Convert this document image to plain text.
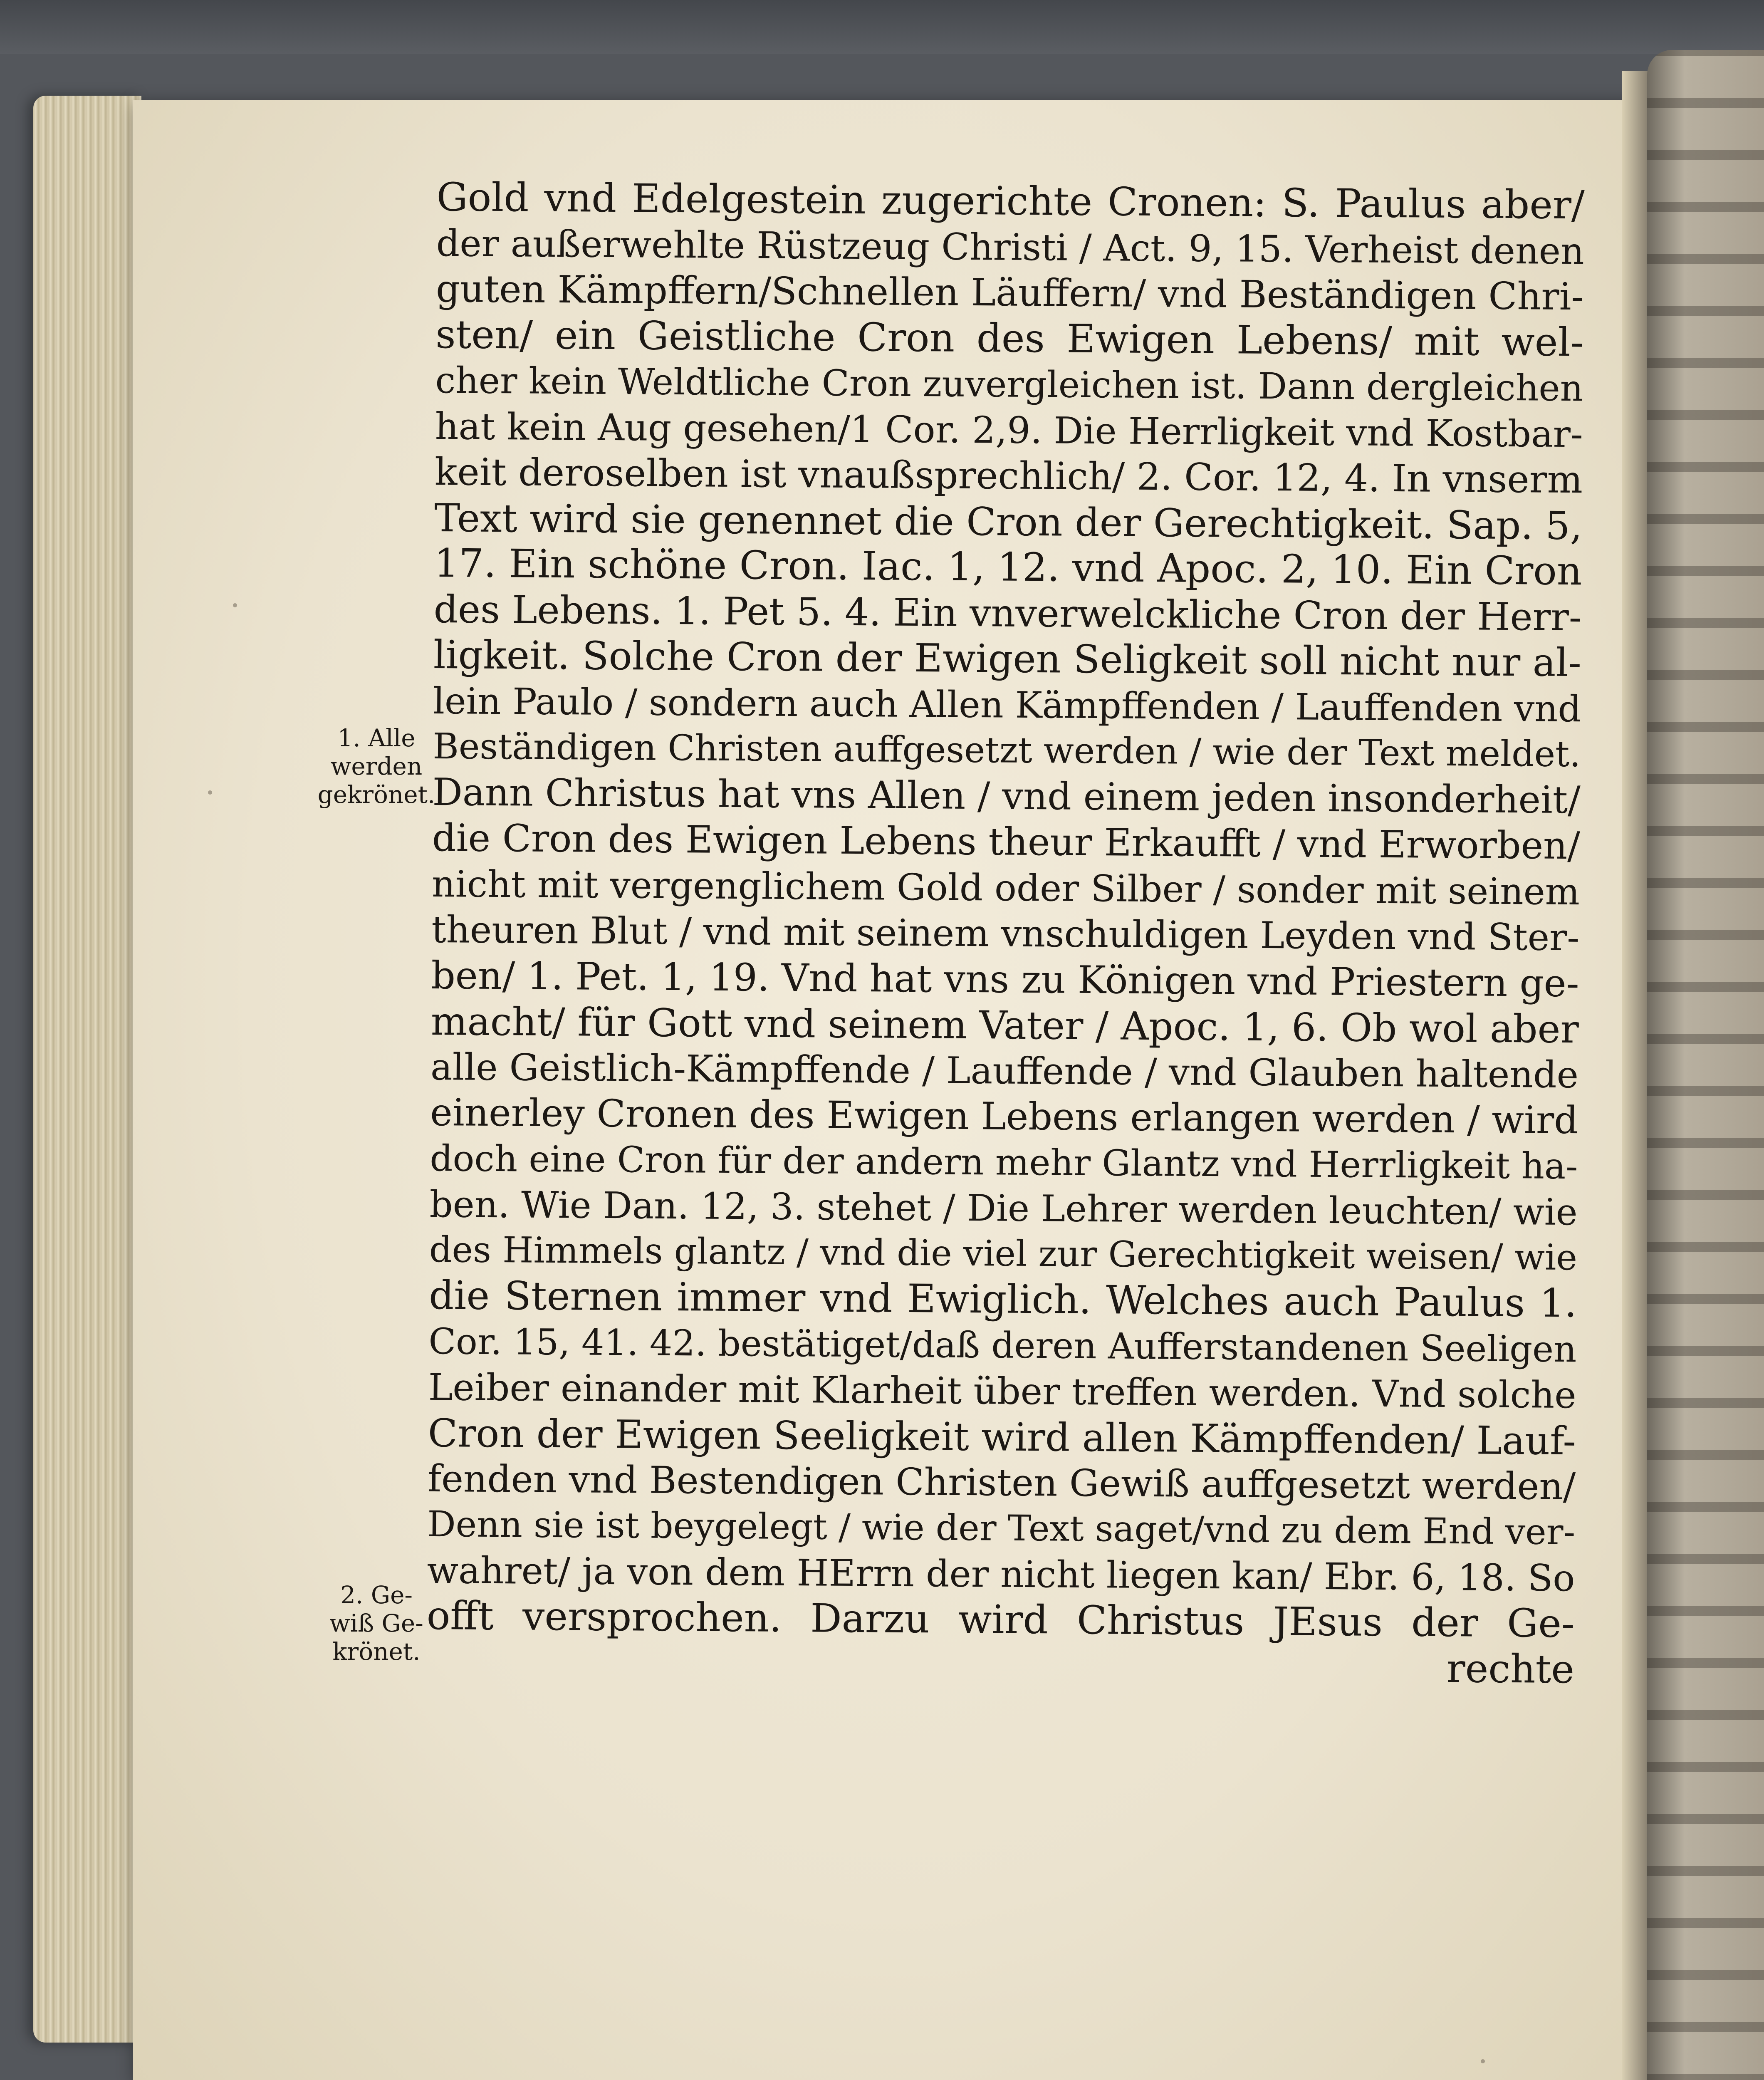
1. Alle
werden
gekrönet.
2. Ge-
wiß Ge-
krönet.
Gold vnd Edelgestein zugerichte Cronen: S. Paulus aber/
der außerwehlte Rüstzeug Christi / Act. 9, 15. Verheist denen
guten Kämpffern/Schnellen Läuffern/ vnd Beständigen Chri-
sten/ ein Geistliche Cron des Ewigen Lebens/ mit wel-
cher kein Weldtliche Cron zuvergleichen ist. Dann dergleichen
hat kein Aug gesehen/1 Cor. 2,9. Die Herrligkeit vnd Kostbar-
keit deroselben ist vnaußsprechlich/ 2. Cor. 12, 4. In vnserm
Text wird sie genennet die Cron der Gerechtigkeit. Sap. 5,
17. Ein schöne Cron. Iac. 1, 12. vnd Apoc. 2, 10. Ein Cron
des Lebens. 1. Pet 5. 4. Ein vnverwelckliche Cron der Herr-
ligkeit. Solche Cron der Ewigen Seligkeit soll nicht nur al-
lein Paulo / sondern auch Allen Kämpffenden / Lauffenden vnd
Beständigen Christen auffgesetzt werden / wie der Text meldet.
Dann Christus hat vns Allen / vnd einem jeden insonderheit/
die Cron des Ewigen Lebens theur Erkaufft / vnd Erworben/
nicht mit vergenglichem Gold oder Silber / sonder mit seinem
theuren Blut / vnd mit seinem vnschuldigen Leyden vnd Ster-
ben/ 1. Pet. 1, 19. Vnd hat vns zu Königen vnd Priestern ge-
macht/ für Gott vnd seinem Vater / Apoc. 1, 6. Ob wol aber
alle Geistlich-Kämpffende / Lauffende / vnd Glauben haltende
einerley Cronen des Ewigen Lebens erlangen werden / wird
doch eine Cron für der andern mehr Glantz vnd Herrligkeit ha-
ben. Wie Dan. 12, 3. stehet / Die Lehrer werden leuchten/ wie
des Himmels glantz / vnd die viel zur Gerechtigkeit weisen/ wie
die Sternen immer vnd Ewiglich. Welches auch Paulus 1.
Cor. 15, 41. 42. bestätiget/daß deren Aufferstandenen Seeligen
Leiber einander mit Klarheit über treffen werden. Vnd solche
Cron der Ewigen Seeligkeit wird allen Kämpffenden/ Lauf-
fenden vnd Bestendigen Christen Gewiß auffgesetzt werden/
Denn sie ist beygelegt / wie der Text saget/vnd zu dem End ver-
wahret/ ja von dem HErrn der nicht liegen kan/ Ebr. 6, 18. So
offt versprochen. Darzu wird Christus JEsus der Ge-
rechte
